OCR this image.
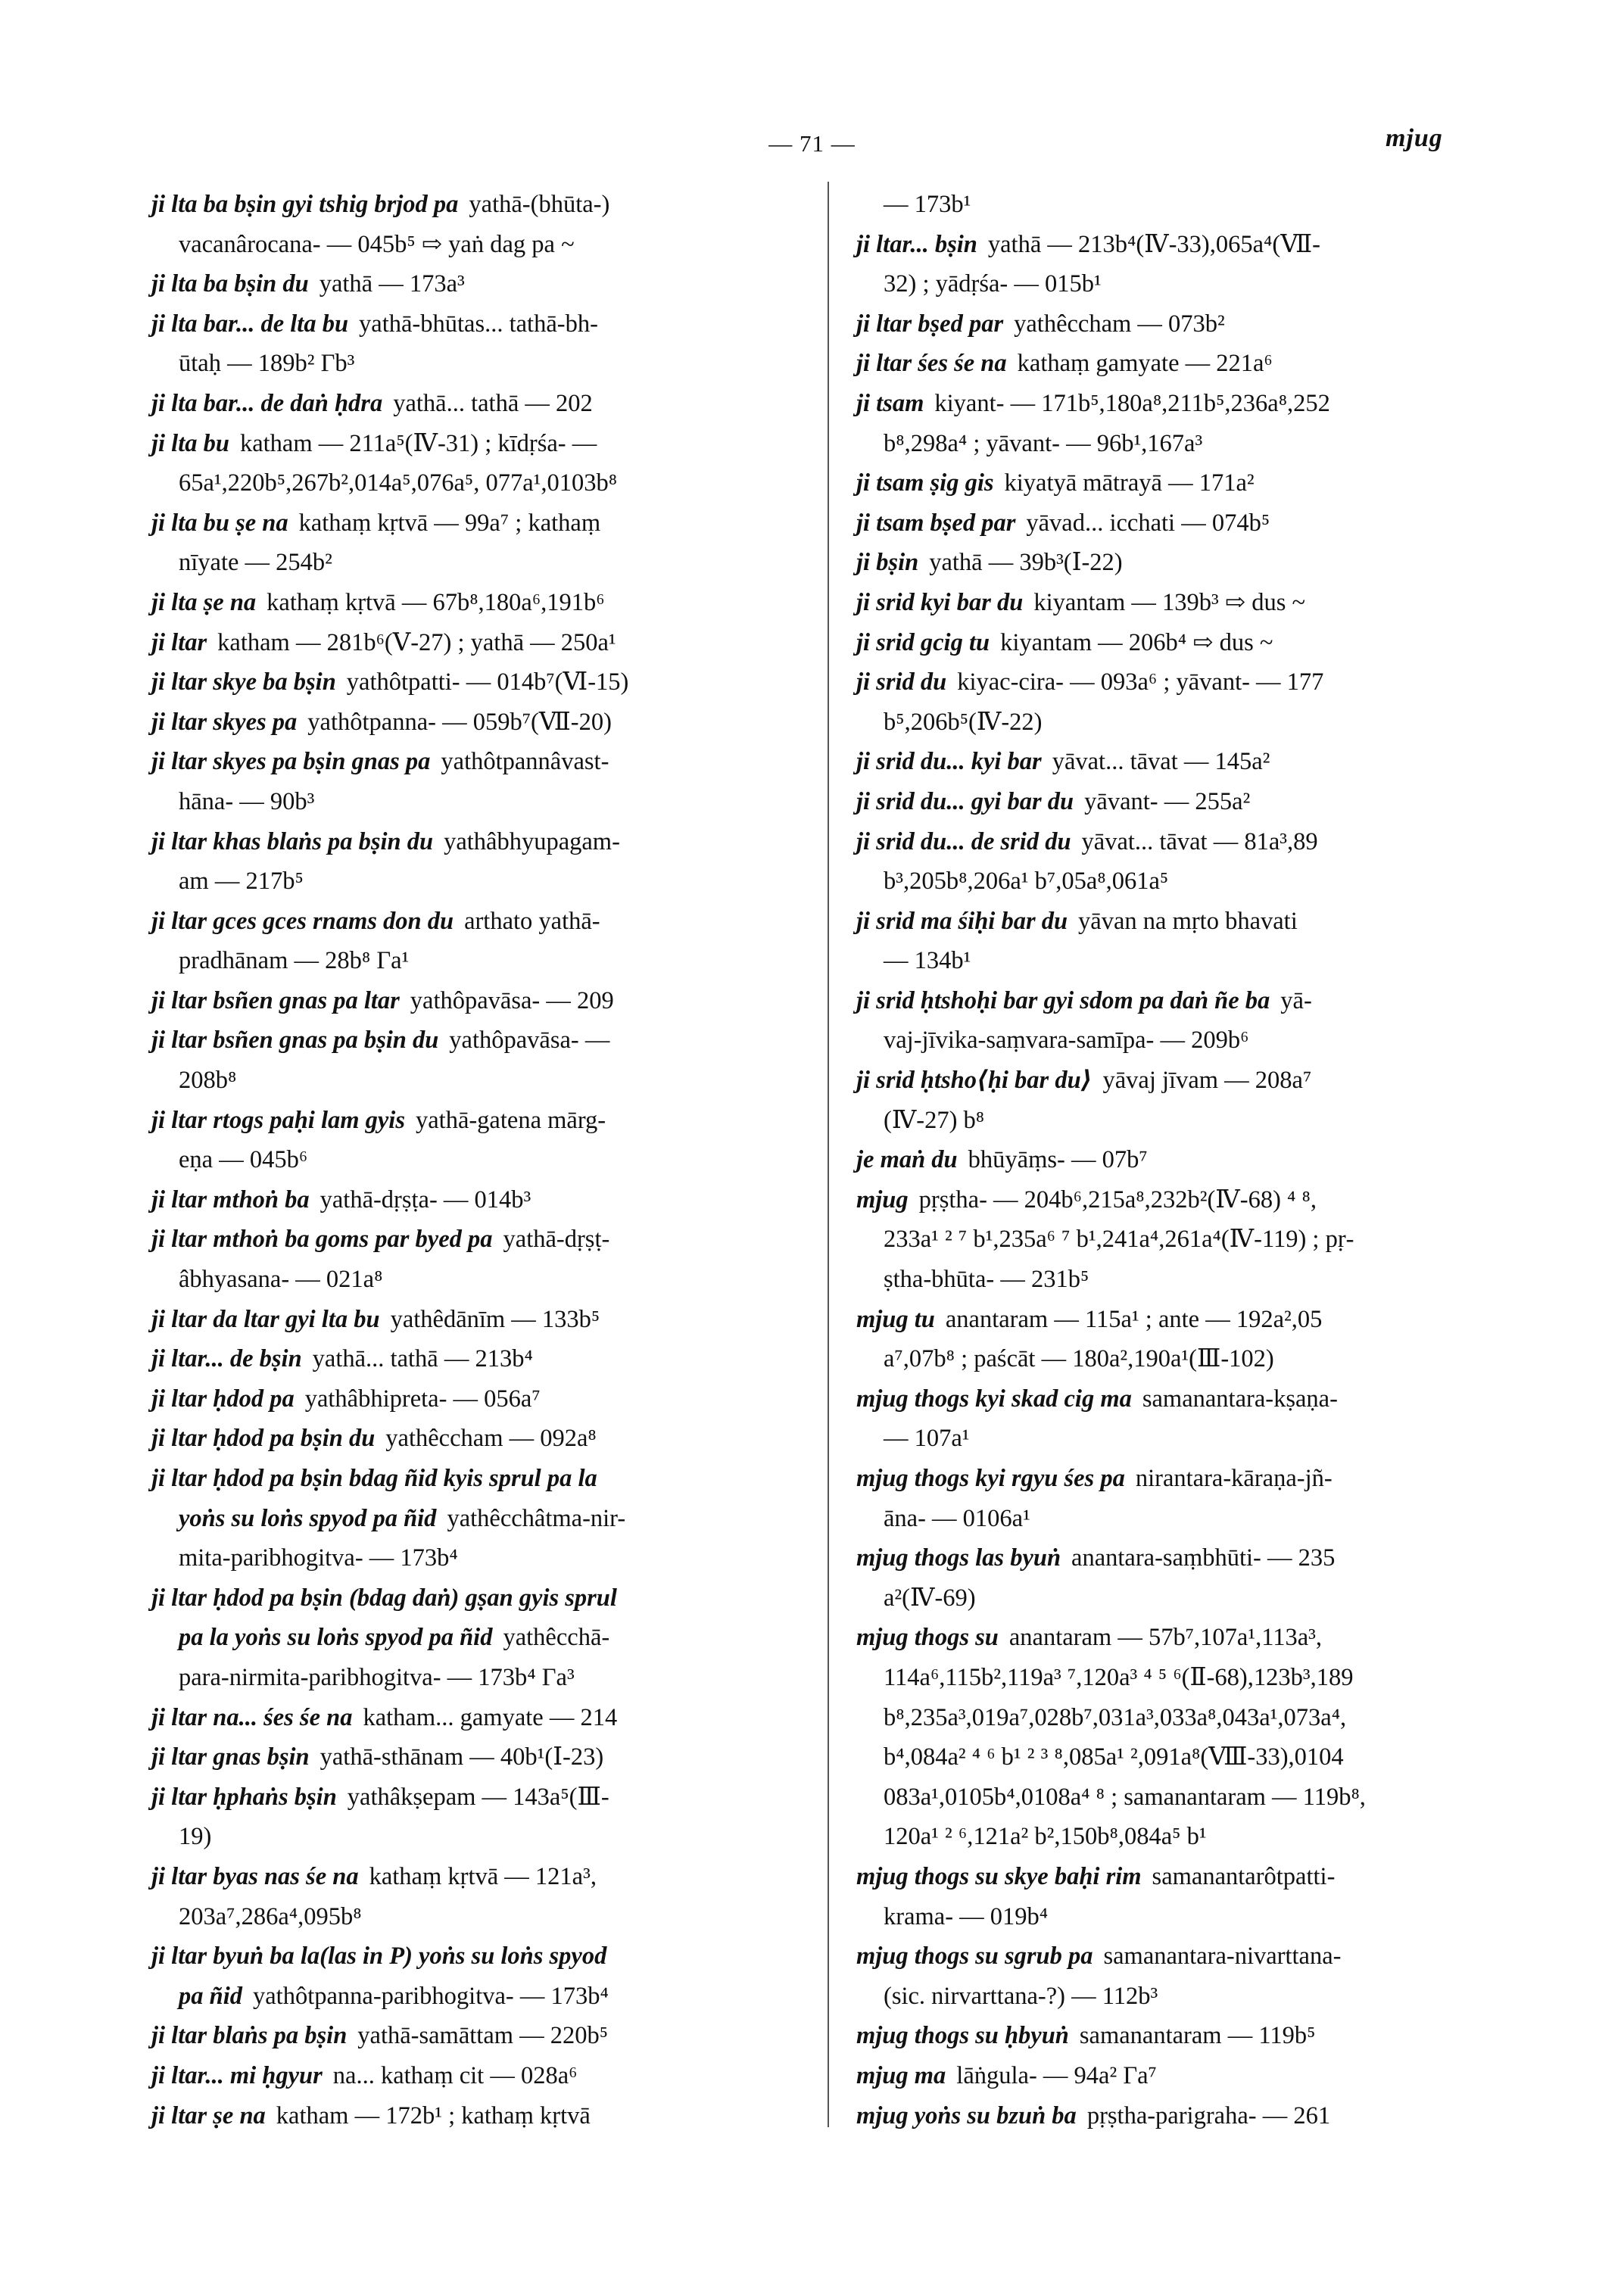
— 71 —	mjug
ji lta ba bṣin gyi tshig brjod pa yathā-(bhūta-)
vacanârocana- — 045b⁵ ⇨ yaṅ dag pa ~
ji lta ba bṣin du yathā — 173a³
ji lta bar... de lta bu yathā-bhūtas... tathā-bh-
ūtaḥ — 189b² Γb³
ji lta bar... de daṅ ḥdra yathā... tathā — 202
ji lta bu katham — 211a⁵(Ⅳ-31) ; kīdṛśa- —
65a¹,220b⁵,267b²,014a⁵,076a⁵, 077a¹,0103b⁸
ji lta bu ṣe na kathaṃ kṛtvā — 99a⁷ ; kathaṃ
nīyate — 254b²
ji lta ṣe na kathaṃ kṛtvā — 67b⁸,180a⁶,191b⁶
ji ltar katham — 281b⁶(Ⅴ-27) ; yathā — 250a¹
ji ltar skye ba bṣin yathôtpatti- — 014b⁷(Ⅵ-15)
ji ltar skyes pa yathôtpanna- — 059b⁷(Ⅶ-20)
ji ltar skyes pa bṣin gnas pa yathôtpannâvast-
hāna- — 90b³
ji ltar khas blaṅs pa bṣin du yathâbhyupagam-
am — 217b⁵
ji ltar gces gces rnams don du arthato yathā-
pradhānam — 28b⁸ Γa¹
ji ltar bsñen gnas pa ltar yathôpavāsa- — 209
ji ltar bsñen gnas pa bṣin du yathôpavāsa- —
208b⁸
ji ltar rtogs paḥi lam gyis yathā-gatena mārg-
eṇa — 045b⁶
ji ltar mthoṅ ba yathā-dṛṣṭa- — 014b³
ji ltar mthoṅ ba goms par byed pa yathā-dṛṣṭ-
âbhyasana- — 021a⁸
ji ltar da ltar gyi lta bu yathêdānīm — 133b⁵
ji ltar... de bṣin yathā... tathā — 213b⁴
ji ltar ḥdod pa yathâbhipreta- — 056a⁷
ji ltar ḥdod pa bṣin du yathêccham — 092a⁸
ji ltar ḥdod pa bṣin bdag ñid kyis sprul pa la
yoṅs su loṅs spyod pa ñid yathêcchâtma-nir-
mita-paribhogitva- — 173b⁴
ji ltar ḥdod pa bṣin (bdag daṅ) gṣan gyis sprul
pa la yoṅs su loṅs spyod pa ñid yathêcchā-
para-nirmita-paribhogitva- — 173b⁴ Γa³
ji ltar na... śes śe na katham... gamyate — 214
ji ltar gnas bṣin yathā-sthānam — 40b¹(Ⅰ-23)
ji ltar ḥphaṅs bṣin yathâkṣepam — 143a⁵(Ⅲ-
19)
ji ltar byas nas śe na kathaṃ kṛtvā — 121a³,
203a⁷,286a⁴,095b⁸
ji ltar byuṅ ba la(las in P) yoṅs su loṅs spyod
pa ñid yathôtpanna-paribhogitva- — 173b⁴
ji ltar blaṅs pa bṣin yathā-samāttam — 220b⁵
ji ltar... mi ḥgyur na... kathaṃ cit — 028a⁶
ji ltar ṣe na katham — 172b¹ ; kathaṃ kṛtvā
— 173b¹
ji ltar... bṣin yathā — 213b⁴(Ⅳ-33),065a⁴(Ⅶ-
32) ; yādṛśa- — 015b¹
ji ltar bṣed par yathêccham — 073b²
ji ltar śes śe na kathaṃ gamyate — 221a⁶
ji tsam kiyant- — 171b⁵,180a⁸,211b⁵,236a⁸,252
b⁸,298a⁴ ; yāvant- — 96b¹,167a³
ji tsam ṣig gis kiyatyā mātrayā — 171a²
ji tsam bṣed par yāvad... icchati — 074b⁵
ji bṣin yathā — 39b³(Ⅰ-22)
ji srid kyi bar du kiyantam — 139b³ ⇨ dus ~
ji srid gcig tu kiyantam — 206b⁴ ⇨ dus ~
ji srid du kiyac-cira- — 093a⁶ ; yāvant- — 177
b⁵,206b⁵(Ⅳ-22)
ji srid du... kyi bar yāvat... tāvat — 145a²
ji srid du... gyi bar du yāvant- — 255a²
ji srid du... de srid du yāvat... tāvat — 81a³,89
b³,205b⁸,206a¹ b⁷,05a⁸,061a⁵
ji srid ma śiḥi bar du yāvan na mṛto bhavati
— 134b¹
ji srid ḥtshoḥi bar gyi sdom pa daṅ ñe ba yā-
vaj-jīvika-saṃvara-samīpa- — 209b⁶
ji srid ḥtsho⟨ḥi bar du⟩ yāvaj jīvam — 208a⁷
(Ⅳ-27) b⁸
je maṅ du bhūyāṃs- — 07b⁷
mjug pṛṣtha- — 204b⁶,215a⁸,232b²(Ⅳ-68) ⁴ ⁸,
233a¹ ² ⁷ b¹,235a⁶ ⁷ b¹,241a⁴,261a⁴(Ⅳ-119) ; pṛ-
ṣtha-bhūta- — 231b⁵
mjug tu anantaram — 115a¹ ; ante — 192a²,05
a⁷,07b⁸ ; paścāt — 180a²,190a¹(Ⅲ-102)
mjug thogs kyi skad cig ma samanantara-kṣaṇa-
— 107a¹
mjug thogs kyi rgyu śes pa nirantara-kāraṇa-jñ-
āna- — 0106a¹
mjug thogs las byuṅ anantara-saṃbhūti- — 235
a²(Ⅳ-69)
mjug thogs su anantaram — 57b⁷,107a¹,113a³,
114a⁶,115b²,119a³ ⁷,120a³ ⁴ ⁵ ⁶(Ⅱ-68),123b³,189
b⁸,235a³,019a⁷,028b⁷,031a³,033a⁸,043a¹,073a⁴,
b⁴,084a² ⁴ ⁶ b¹ ² ³ ⁸,085a¹ ²,091a⁸(Ⅷ-33),0104
083a¹,0105b⁴,0108a⁴ ⁸ ; samanantaram — 119b⁸,
120a¹ ² ⁶,121a² b²,150b⁸,084a⁵ b¹
mjug thogs su skye baḥi rim samanantarôtpatti-
krama- — 019b⁴
mjug thogs su sgrub pa samanantara-nivarttana-
(sic. nirvarttana-?) — 112b³
mjug thogs su ḥbyuṅ samanantaram — 119b⁵
mjug ma lāṅgula- — 94a² Γa⁷
mjug yoṅs su bzuṅ ba pṛṣtha-parigraha- — 261
